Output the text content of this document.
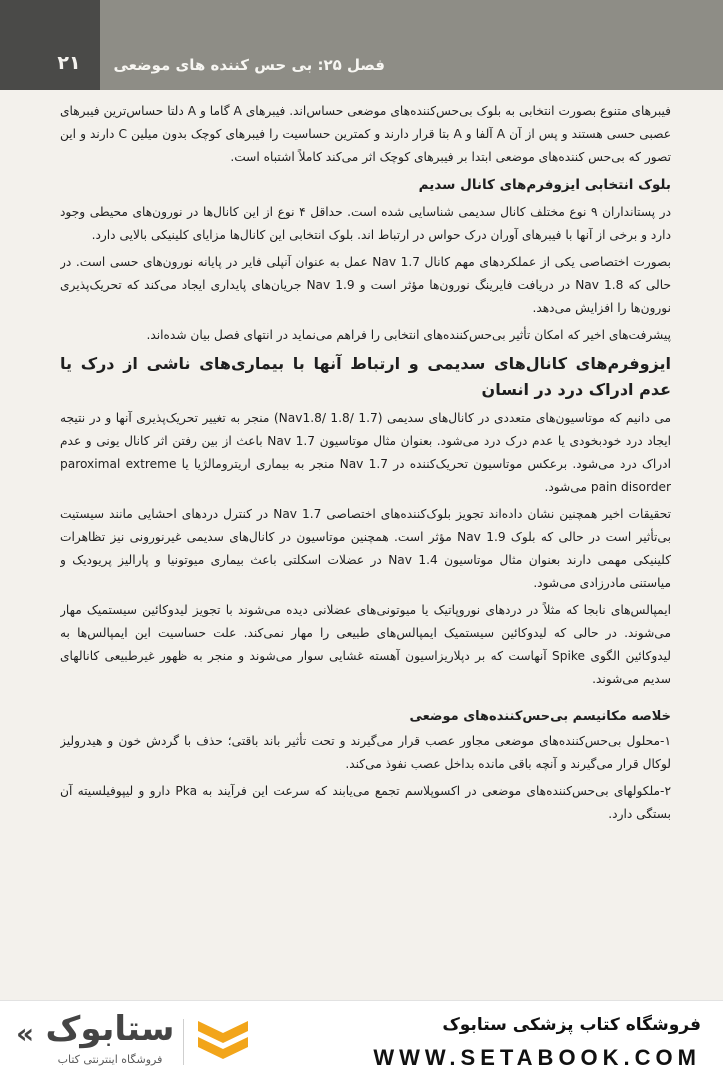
۲۱	فصل ۲۵: بی حس کننده های موضعی

فیبرهای متنوع بصورت انتخابی به بلوک بی‌حس‌کننده‌های موضعی حساس‌اند. فیبرهای A گاما و A دلتا حساس‌ترین فیبرهای عصبی حسی هستند و پس از آن A آلفا و A بتا قرار دارند و کمترین حساسیت را فیبرهای کوچک بدون میلین C دارند و این تصور که بی‌حس کننده‌های موضعی ابتدا بر فیبرهای کوچک اثر می‌کند کاملاً اشتباه است.

بلوک انتخابی ایزوفرم‌های کانال سدیم

در پستانداران ۹ نوع مختلف کانال سدیمی شناسایی شده است. حداقل ۴ نوع از این کانال‌ها در نورون‌های محیطی وجود دارد و برخی از آنها با فیبرهای آوران درک حواس در ارتباط اند. بلوک انتخابی این کانال‌ها مزایای کلینیکی بالایی دارد.

بصورت اختصاصی یکی از عملکردهای مهم کانال Nav 1.7 عمل به عنوان آنپلی فایر در پایانه نورون‌های حسی است. در حالی که Nav 1.8 در دریافت فایرینگ نورون‌ها مؤثر است و Nav 1.9 جریان‌های پایداری ایجاد می‌کند که تحریک‌پذیری نورون‌ها را افزایش می‌دهد.

پیشرفت‌های اخیر که امکان تأثیر بی‌حس‌کننده‌های انتخابی را فراهم می‌نماید در انتهای فصل بیان شده‌اند.

ایزوفرم‌های کانال‌های سدیمی و ارتباط آنها با بیماری‌های ناشی از درک یا عدم ادراک درد در انسان

می دانیم که موتاسیون‌های متعددی در کانال‌های سدیمی (Nav1.8/ 1.8/ 1.7) منجر به تغییر تحریک‌پذیری آنها و در نتیجه ایجاد درد خودبخودی یا عدم درک درد می‌شود. بعنوان مثال موتاسیون Nav 1.7 باعث از بین رفتن اثر کانال یونی و عدم ادراک درد می‌شود. برعکس موتاسیون تحریک‌کننده در Nav 1.7 منجر به بیماری اریترومالژیا یا paroximal extreme pain disorder می‌شود.

تحقیقات اخیر همچنین نشان داده‌اند تجویز بلوک‌کننده‌های اختصاصی Nav 1.7 در کنترل دردهای احشایی مانند سیستیت بی‌تأثیر است در حالی که بلوک Nav 1.9 مؤثر است. همچنین موتاسیون در کانال‌های سدیمی غیرنورونی نیز تظاهرات کلینیکی مهمی دارند بعنوان مثال موتاسیون Nav 1.4 در عضلات اسکلتی باعث بیماری میوتونیا و پارالیز پریودیک و میاستنی مادرزادی می‌شود.

ایمپالس‌های نابجا که مثلاً در دردهای نوروپاتیک یا میوتونی‌های عضلانی دیده می‌شوند با تجویز لیدوکائین سیستمیک مهار می‌شوند. در حالی که لیدوکائین سیستمیک ایمپالس‌های طبیعی را مهار نمی‌کند. علت حساسیت این ایمپالس‌ها به لیدوکائین الگوی Spike آنهاست که بر دپلاریزاسیون آهسته غشایی سوار می‌شوند و منجر به ظهور غیرطبیعی کانالهای سدیم می‌شوند.

خلاصه مکانیسم بی‌حس‌کننده‌های موضعی

۱-محلول بی‌حس‌کننده‌های موضعی مجاور عصب قرار می‌گیرند و تحت تأثیر باند باقتی؛ حذف با گردش خون و هیدرولیز لوکال قرار می‌گیرند و آنچه باقی مانده بداخل عصب نفوذ می‌کند.

۲-ملکولهای بی‌حس‌کننده‌های موضعی در اکسوپلاسم تجمع می‌یابند که سرعت این فرآیند به Pka دارو و لیپوفیلسیته آن بستگی دارد.

فروشگاه کتاب پزشکی ستابوک
WWW.SETABOOK.COM
ستابوک
«
فروشگاه اینترنتی کتاب
